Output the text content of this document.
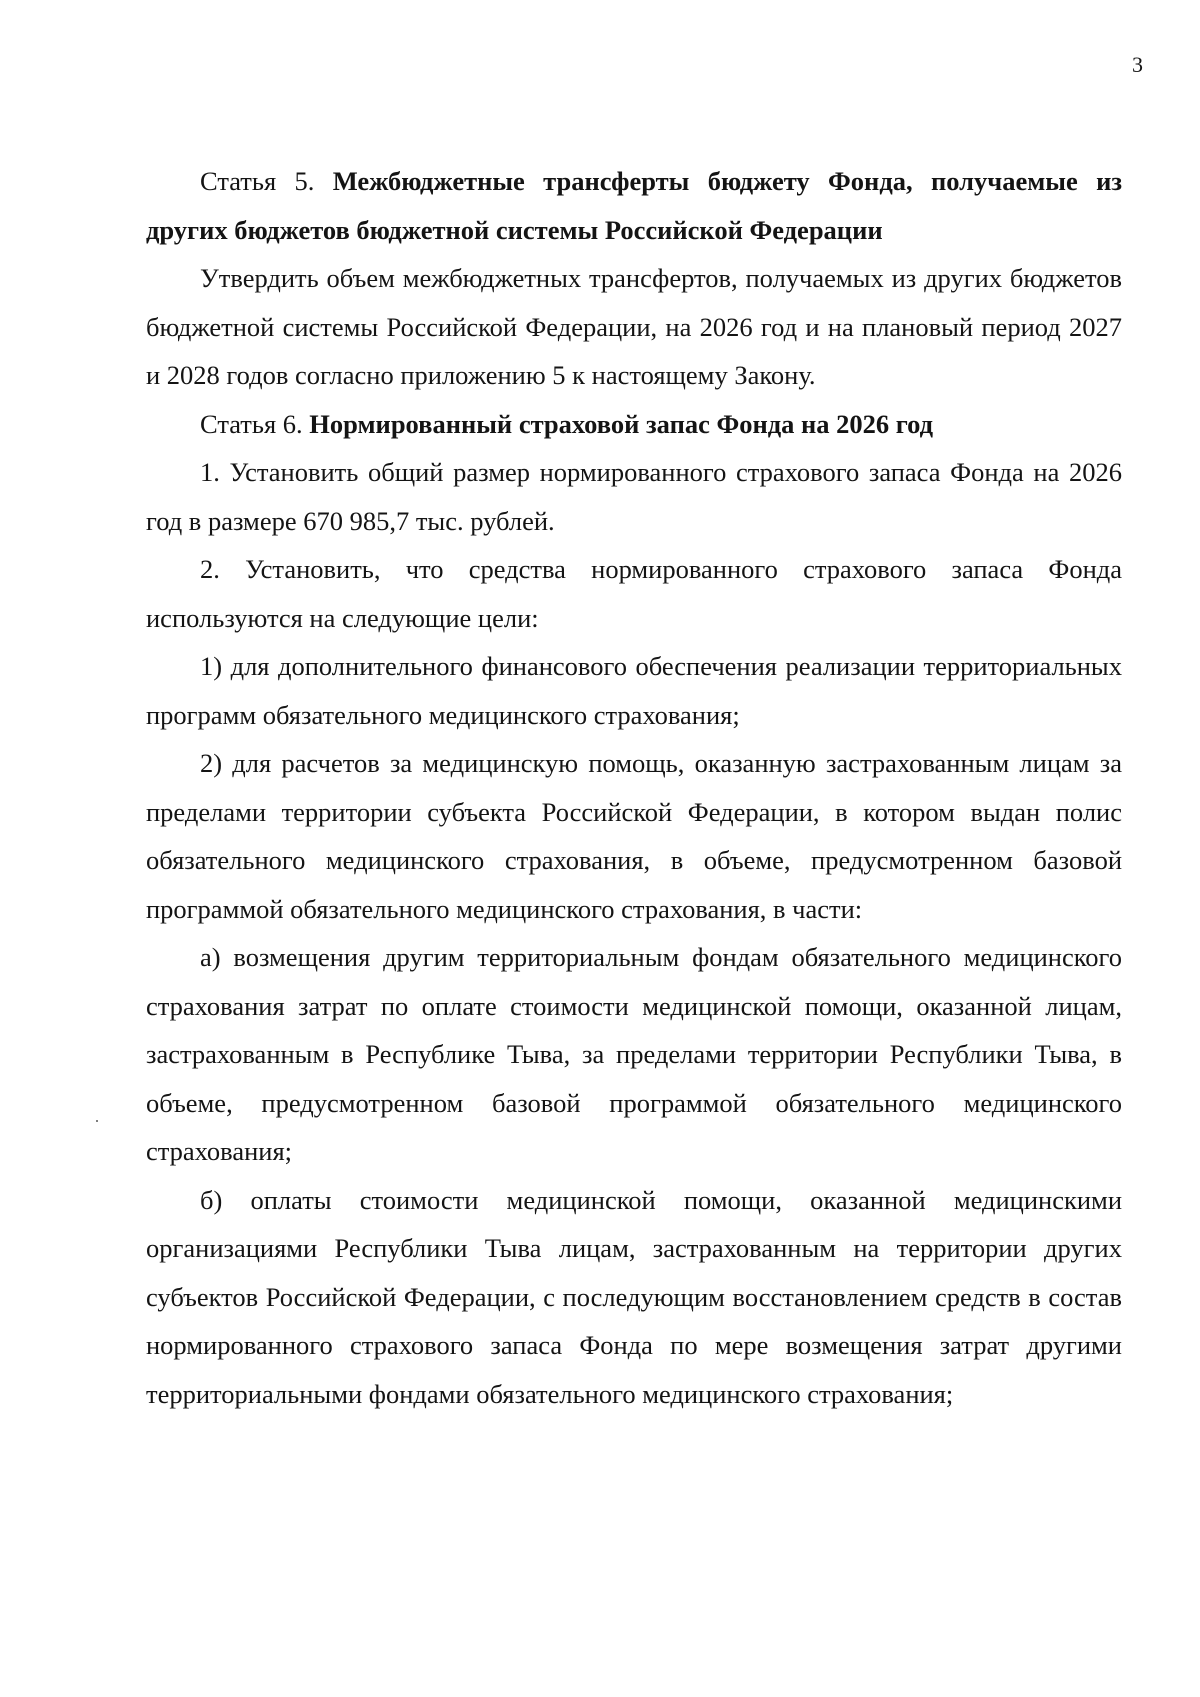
3

Статья 5. Межбюджетные трансферты бюджету Фонда, получаемые из других бюджетов бюджетной системы Российской Федерации

Утвердить объем межбюджетных трансфертов, получаемых из других бюджетов бюджетной системы Российской Федерации, на 2026 год и на плановый период 2027 и 2028 годов согласно приложению 5 к настоящему Закону.

Статья 6. Нормированный страховой запас Фонда на 2026 год

1. Установить общий размер нормированного страхового запаса Фонда на 2026 год в размере 670 985,7 тыс. рублей.

2. Установить, что средства нормированного страхового запаса Фонда используются на следующие цели:

1) для дополнительного финансового обеспечения реализации территориальных программ обязательного медицинского страхования;

2) для расчетов за медицинскую помощь, оказанную застрахованным лицам за пределами территории субъекта Российской Федерации, в котором выдан полис обязательного медицинского страхования, в объеме, предусмотренном базовой программой обязательного медицинского страхования, в части:

а) возмещения другим территориальным фондам обязательного медицинского страхования затрат по оплате стоимости медицинской помощи, оказанной лицам, застрахованным в Республике Тыва, за пределами территории Республики Тыва, в объеме, предусмотренном базовой программой обязательного медицинского страхования;

б) оплаты стоимости медицинской помощи, оказанной медицинскими организациями Республики Тыва лицам, застрахованным на территории других субъектов Российской Федерации, с последующим восстановлением средств в состав нормированного страхового запаса Фонда по мере возмещения затрат другими территориальными фондами обязательного медицинского страхования;
